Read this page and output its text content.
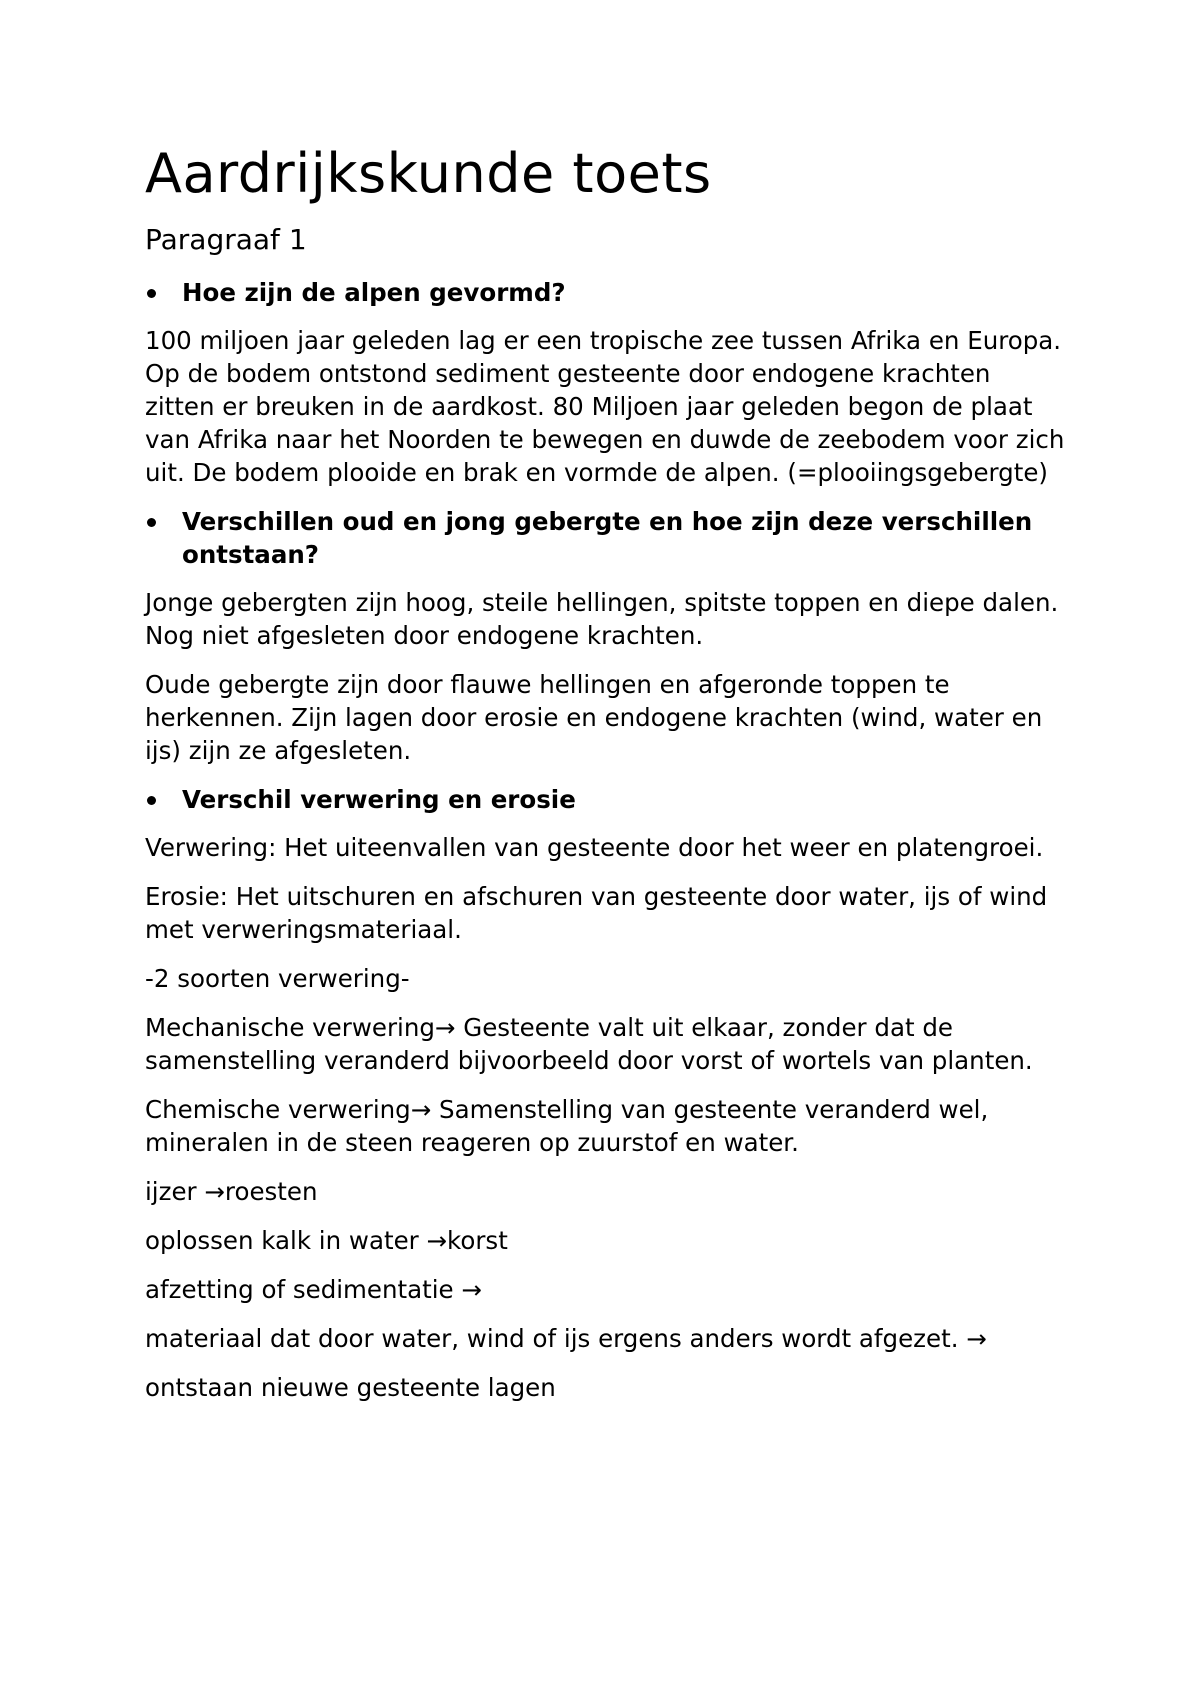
Aardrijkskunde toets
Paragraaf 1
Hoe zijn de alpen gevormd?
100 miljoen jaar geleden lag er een tropische zee tussen Afrika en Europa. Op de bodem ontstond sediment gesteente door endogene krachten zitten er breuken in de aardkost. 80 Miljoen jaar geleden begon de plaat van Afrika naar het Noorden te bewegen en duwde de zeebodem voor zich uit. De bodem plooide en brak en vormde de alpen. (=plooiingsgebergte)
Verschillen oud en jong gebergte en hoe zijn deze verschillen ontstaan?
Jonge gebergten zijn hoog, steile hellingen, spitste toppen en diepe dalen. Nog niet afgesleten door endogene krachten.
Oude gebergte zijn door flauwe hellingen en afgeronde toppen te herkennen. Zijn lagen door erosie en endogene krachten (wind, water en ijs) zijn ze afgesleten.
Verschil verwering en erosie
Verwering: Het uiteenvallen van gesteente door het weer en platengroei.
Erosie: Het uitschuren en afschuren van gesteente door water, ijs of wind met verweringsmateriaal.
-2 soorten verwering-
Mechanische verwering→ Gesteente valt uit elkaar, zonder dat de samenstelling veranderd bijvoorbeeld door vorst of wortels van planten.
Chemische verwering→ Samenstelling van gesteente veranderd wel, mineralen in de steen reageren op zuurstof en water.
ijzer →roesten
oplossen kalk in water →korst
afzetting of sedimentatie →
materiaal dat door water, wind of ijs ergens anders wordt afgezet. →
ontstaan nieuwe gesteente lagen
